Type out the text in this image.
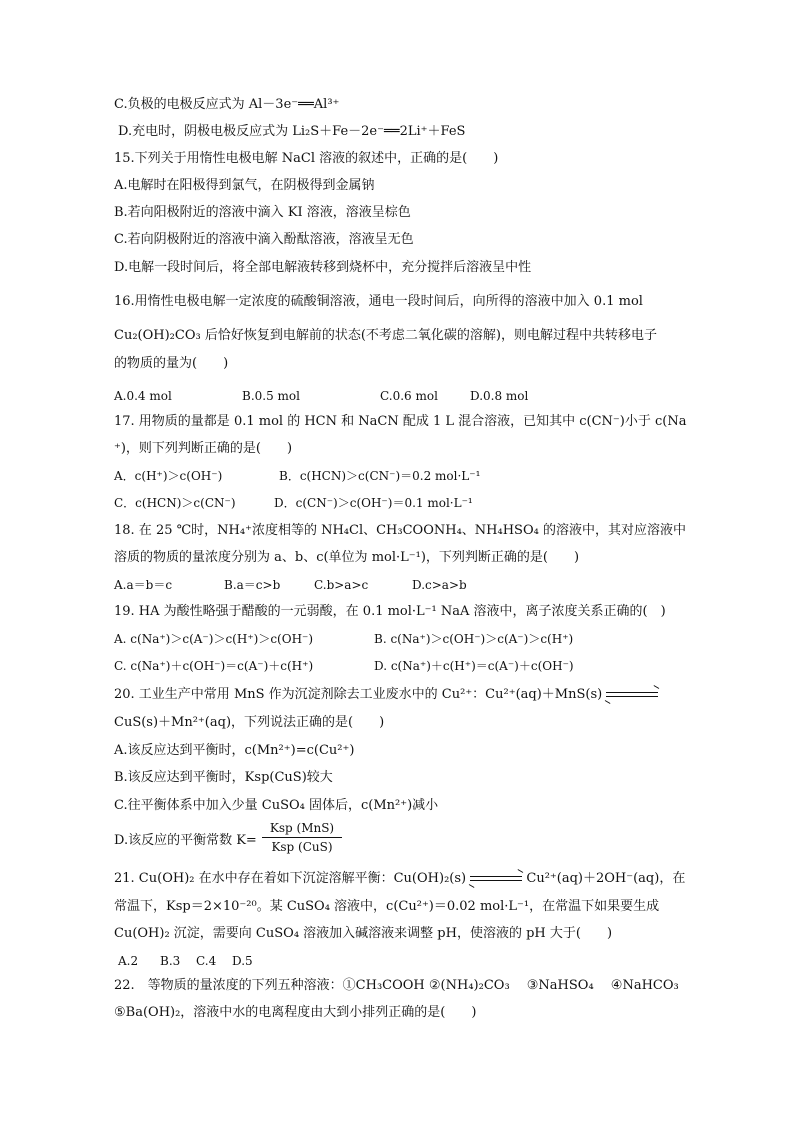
C.负极的电极反应式为 Al－3e⁻══Al³⁺
D.充电时，阴极电极反应式为 Li₂S＋Fe－2e⁻══2Li⁺＋FeS
15.下列关于用惰性电极电解 NaCl 溶液的叙述中，正确的是(　　)
A.电解时在阳极得到氯气，在阴极得到金属钠
B.若向阳极附近的溶液中滴入 KI 溶液，溶液呈棕色
C.若向阴极附近的溶液中滴入酚酞溶液，溶液呈无色
D.电解一段时间后，将全部电解液转移到烧杯中，充分搅拌后溶液呈中性
16.用惰性电极电解一定浓度的硫酸铜溶液，通电一段时间后，向所得的溶液中加入 0.1 mol
Cu₂(OH)₂CO₃ 后恰好恢复到电解前的状态(不考虑二氧化碳的溶解)，则电解过程中共转移电子
的物质的量为(　　)
A.0.4 mol	B.0.5 mol	C.0.6 mol	D.0.8 mol
17. 用物质的量都是 0.1 mol 的 HCN 和 NaCN 配成 1 L 混合溶液，已知其中 c(CN⁻)小于 c(Na
⁺)，则下列判断正确的是(　　)
A．c(H⁺)＞c(OH⁻)	B．c(HCN)＞c(CN⁻)＝0.2 mol·L⁻¹
C．c(HCN)＞c(CN⁻)	D．c(CN⁻)＞c(OH⁻)＝0.1 mol·L⁻¹
18. 在 25 ℃时，NH₄⁺浓度相等的 NH₄Cl、CH₃COONH₄、NH₄HSO₄ 的溶液中，其对应溶液中
溶质的物质的量浓度分别为 a、b、c(单位为 mol·L⁻¹)，下列判断正确的是(　　)
A.a＝b＝c	B.a＝c>b	C.b>a>c	D.c>a>b
19. HA 为酸性略强于醋酸的一元弱酸，在 0.1 mol·L⁻¹ NaA 溶液中，离子浓度关系正确的(　)
A. c(Na⁺)＞c(A⁻)＞c(H⁺)＞c(OH⁻)	B. c(Na⁺)＞c(OH⁻)＞c(A⁻)＞c(H⁺)
C. c(Na⁺)＋c(OH⁻)＝c(A⁻)＋c(H⁺)	D. c(Na⁺)＋c(H⁺)＝c(A⁻)＋c(OH⁻)
20. 工业生产中常用 MnS 作为沉淀剂除去工业废水中的 Cu²⁺：Cu²⁺(aq)＋MnS(s) ⇌
CuS(s)＋Mn²⁺(aq)，下列说法正确的是(　　)
A.该反应达到平衡时，c(Mn²⁺)=c(Cu²⁺)
B.该反应达到平衡时，Ksp(CuS)较大
C.往平衡体系中加入少量 CuSO₄ 固体后，c(Mn²⁺)减小
D.该反应的平衡常数 K=
Ksp (MnS)
Ksp (CuS)
21. Cu(OH)₂ 在水中存在着如下沉淀溶解平衡：Cu(OH)₂(s) ⇌ Cu²⁺(aq)＋2OH⁻(aq)，在
常温下，Ksp＝2×10⁻²⁰。某 CuSO₄ 溶液中，c(Cu²⁺)＝0.02 mol·L⁻¹，在常温下如果要生成
Cu(OH)₂ 沉淀，需要向 CuSO₄ 溶液加入碱溶液来调整 pH，使溶液的 pH 大于(　　)
A.2	B.3	C.4	D.5
22.　等物质的量浓度的下列五种溶液：①CH₃COOH ②(NH₄)₂CO₃　 ③NaHSO₄　 ④NaHCO₃
⑤Ba(OH)₂，溶液中水的电离程度由大到小排列正确的是(　　)
